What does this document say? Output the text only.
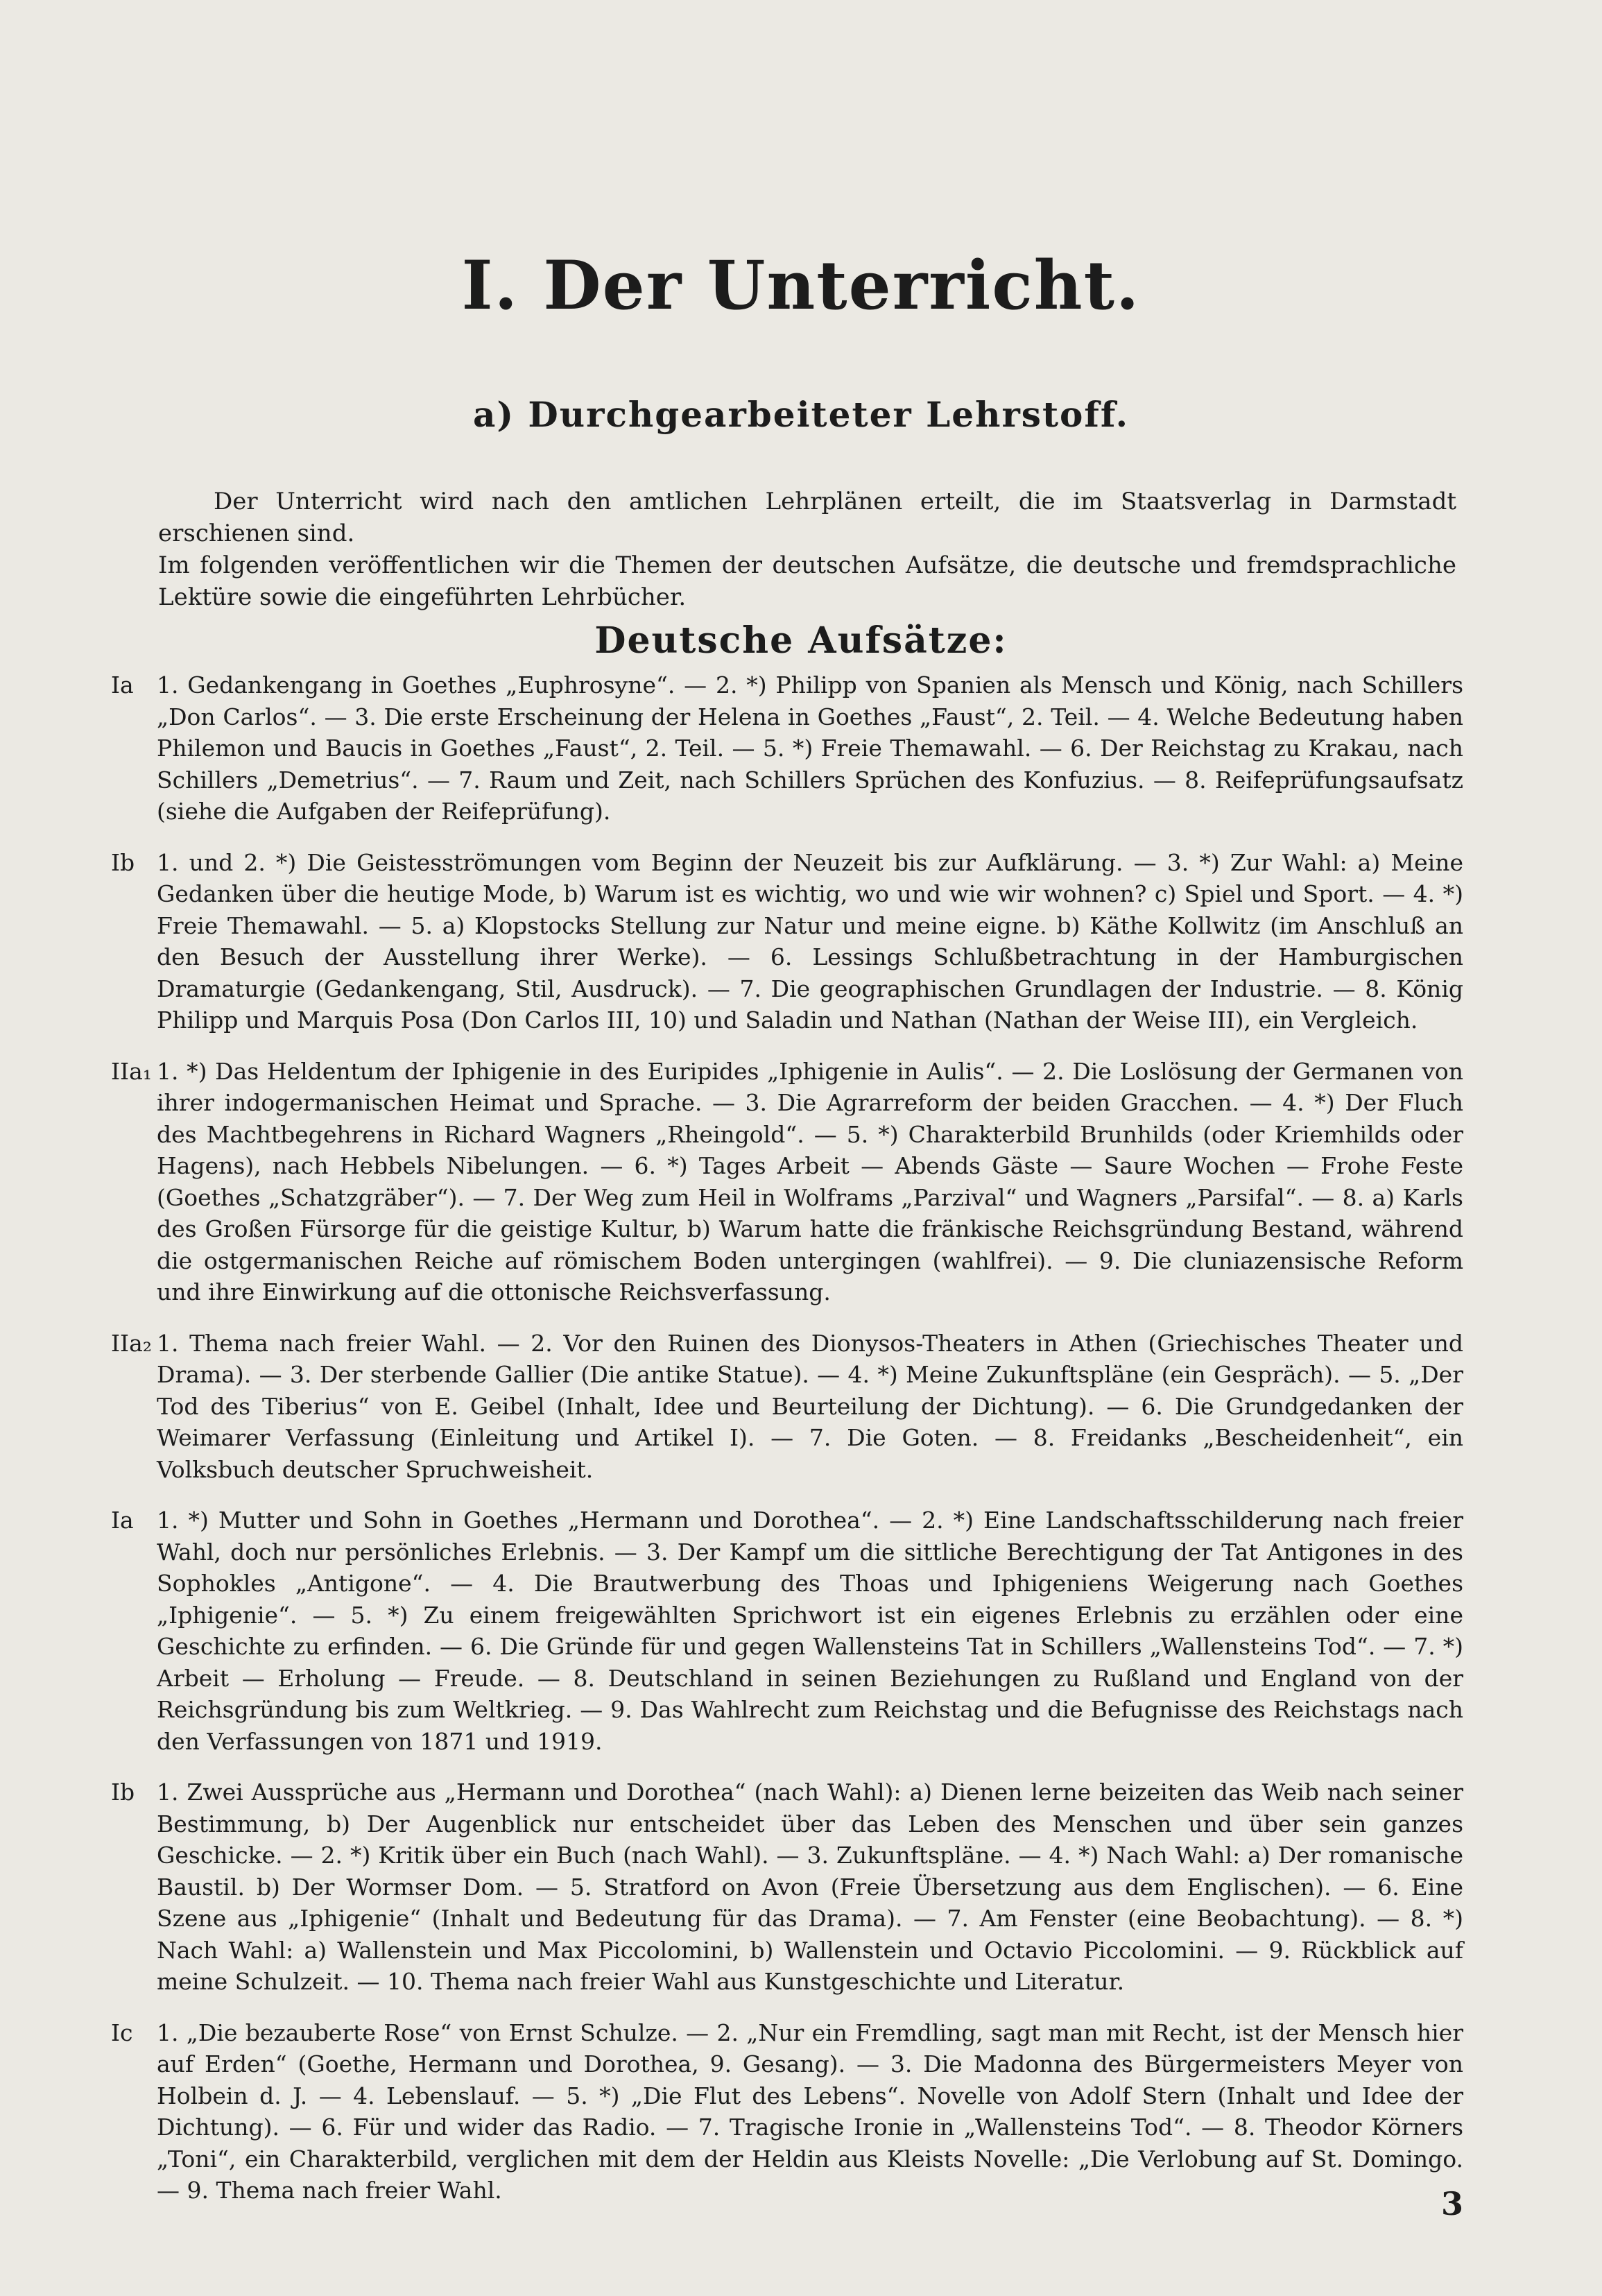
I. Der Unterricht.
a) Durchgearbeiteter Lehrstoff.

Der Unterricht wird nach den amtlichen Lehrplänen erteilt, die im Staatsverlag in Darmstadt erschienen sind.

Im folgenden veröffentlichen wir die Themen der deutschen Aufsätze, die deutsche und fremdsprachliche Lektüre sowie die eingeführten Lehrbücher.

Deutsche Aufsätze:
Ia	1. Gedankengang in Goethes „Euphrosyne“. — 2. *) Philipp von Spanien als Mensch und König, nach Schillers „Don Carlos“. — 3. Die erste Erscheinung der Helena in Goethes „Faust“, 2. Teil. — 4. Welche Bedeutung haben Philemon und Baucis in Goethes „Faust“, 2. Teil. — 5. *) Freie Themawahl. — 6. Der Reichstag zu Krakau, nach Schillers „Demetrius“. — 7. Raum und Zeit, nach Schillers Sprüchen des Konfuzius. — 8. Reifeprüfungsaufsatz (siehe die Aufgaben der Reifeprüfung).
Ib 1. und 2. *) Die Geistesströmungen vom Beginn der Neuzeit bis zur Aufklärung. — 3. *) Zur Wahl: a) Meine Gedanken über die heutige Mode, b) Warum ist es wichtig, wo und wie wir wohnen? c) Spiel und Sport. — 4. *) Freie Themawahl. — 5. a) Klopstocks Stellung zur Natur und meine eigne. b) Käthe Kollwitz (im Anschluß an den Besuch der Ausstellung ihrer Werke). — 6. Lessings Schlußbetrachtung in der Hamburgischen Dramaturgie (Gedankengang, Stil, Ausdruck). — 7. Die geographischen Grundlagen der Industrie. — 8. König Philipp und Marquis Posa (Don Carlos III, 10) und Saladin und Nathan (Nathan der Weise III), ein Vergleich.
IIa₁ 1. *) Das Heldentum der Iphigenie in des Euripides „Iphigenie in Aulis“. — 2. Die Loslösung der Germanen von ihrer indogermanischen Heimat und Sprache. — 3. Die Agrarreform der beiden Gracchen. — 4. *) Der Fluch des Machtbegehrens in Richard Wagners „Rheingold“. — 5. *) Charakterbild Brunhilds (oder Kriemhilds oder Hagens), nach Hebbels Nibelungen. — 6. *) Tages Arbeit — Abends Gäste — Saure Wochen — Frohe Feste (Goethes „Schatzgräber“). — 7. Der Weg zum Heil in Wolframs „Parzival“ und Wagners „Parsifal“. — 8. a) Karls des Großen Fürsorge für die geistige Kultur, b) Warum hatte die fränkische Reichsgründung Bestand, während die ostgermanischen Reiche auf römischem Boden untergingen (wahlfrei). — 9. Die cluniazensische Reform und ihre Einwirkung auf die ottonische Reichsverfassung.
IIa₂ 1. Thema nach freier Wahl. — 2. Vor den Ruinen des Dionysos-Theaters in Athen (Griechisches Theater und Drama). — 3. Der sterbende Gallier (Die antike Statue). — 4. *) Meine Zukunftspläne (ein Gespräch). — 5. „Der Tod des Tiberius“ von E. Geibel (Inhalt, Idee und Beurteilung der Dichtung). — 6. Die Grundgedanken der Weimarer Verfassung (Einleitung und Artikel I). — 7. Die Goten. — 8. Freidanks „Bescheidenheit“, ein Volksbuch deutscher Spruchweisheit.
Ia	1. *) Mutter und Sohn in Goethes „Hermann und Dorothea“. — 2. *) Eine Landschaftsschilderung nach freier Wahl, doch nur persönliches Erlebnis. — 3. Der Kampf um die sittliche Berechtigung der Tat Antigones in des Sophokles „Antigone“. — 4. Die Brautwerbung des Thoas und Iphigeniens Weigerung nach Goethes „Iphigenie“. — 5. *) Zu einem freigewählten Sprichwort ist ein eigenes Erlebnis zu erzählen oder eine Geschichte zu erfinden. — 6. Die Gründe für und gegen Wallensteins Tat in Schillers „Wallensteins Tod“. — 7. *) Arbeit — Erholung — Freude. — 8. Deutschland in seinen Beziehungen zu Rußland und England von der Reichsgründung bis zum Weltkrieg. — 9. Das Wahlrecht zum Reichstag und die Befugnisse des Reichstags nach den Verfassungen von 1871 und 1919.
Ib 1. Zwei Aussprüche aus „Hermann und Dorothea“ (nach Wahl): a) Dienen lerne beizeiten das Weib nach seiner Bestimmung, b) Der Augenblick nur entscheidet über das Leben des Menschen und über sein ganzes Geschicke. — 2. *) Kritik über ein Buch (nach Wahl). — 3. Zukunftspläne. — 4. *) Nach Wahl: a) Der romanische Baustil. b) Der Wormser Dom. — 5. Stratford on Avon (Freie Übersetzung aus dem Englischen). — 6. Eine Szene aus „Iphigenie“ (Inhalt und Bedeutung für das Drama). — 7. Am Fenster (eine Beobachtung). — 8. *) Nach Wahl: a) Wallenstein und Max Piccolomini, b) Wallenstein und Octavio Piccolomini. — 9. Rückblick auf meine Schulzeit. — 10. Thema nach freier Wahl aus Kunstgeschichte und Literatur.
Ic	1. „Die bezauberte Rose“ von Ernst Schulze. — 2. „Nur ein Fremdling, sagt man mit Recht, ist der Mensch hier auf Erden“ (Goethe, Hermann und Dorothea, 9. Gesang). — 3. Die Madonna des Bürgermeisters Meyer von Holbein d. J. — 4. Lebenslauf. — 5. *) „Die Flut des Lebens“. Novelle von Adolf Stern (Inhalt und Idee der Dichtung). — 6. Für und wider das Radio. — 7. Tragische Ironie in „Wallensteins Tod“. — 8. Theodor Körners „Toni“, ein Charakterbild, verglichen mit dem der Heldin aus Kleists Novelle: „Die Verlobung auf St. Domingo. — 9. Thema nach freier Wahl.	3
